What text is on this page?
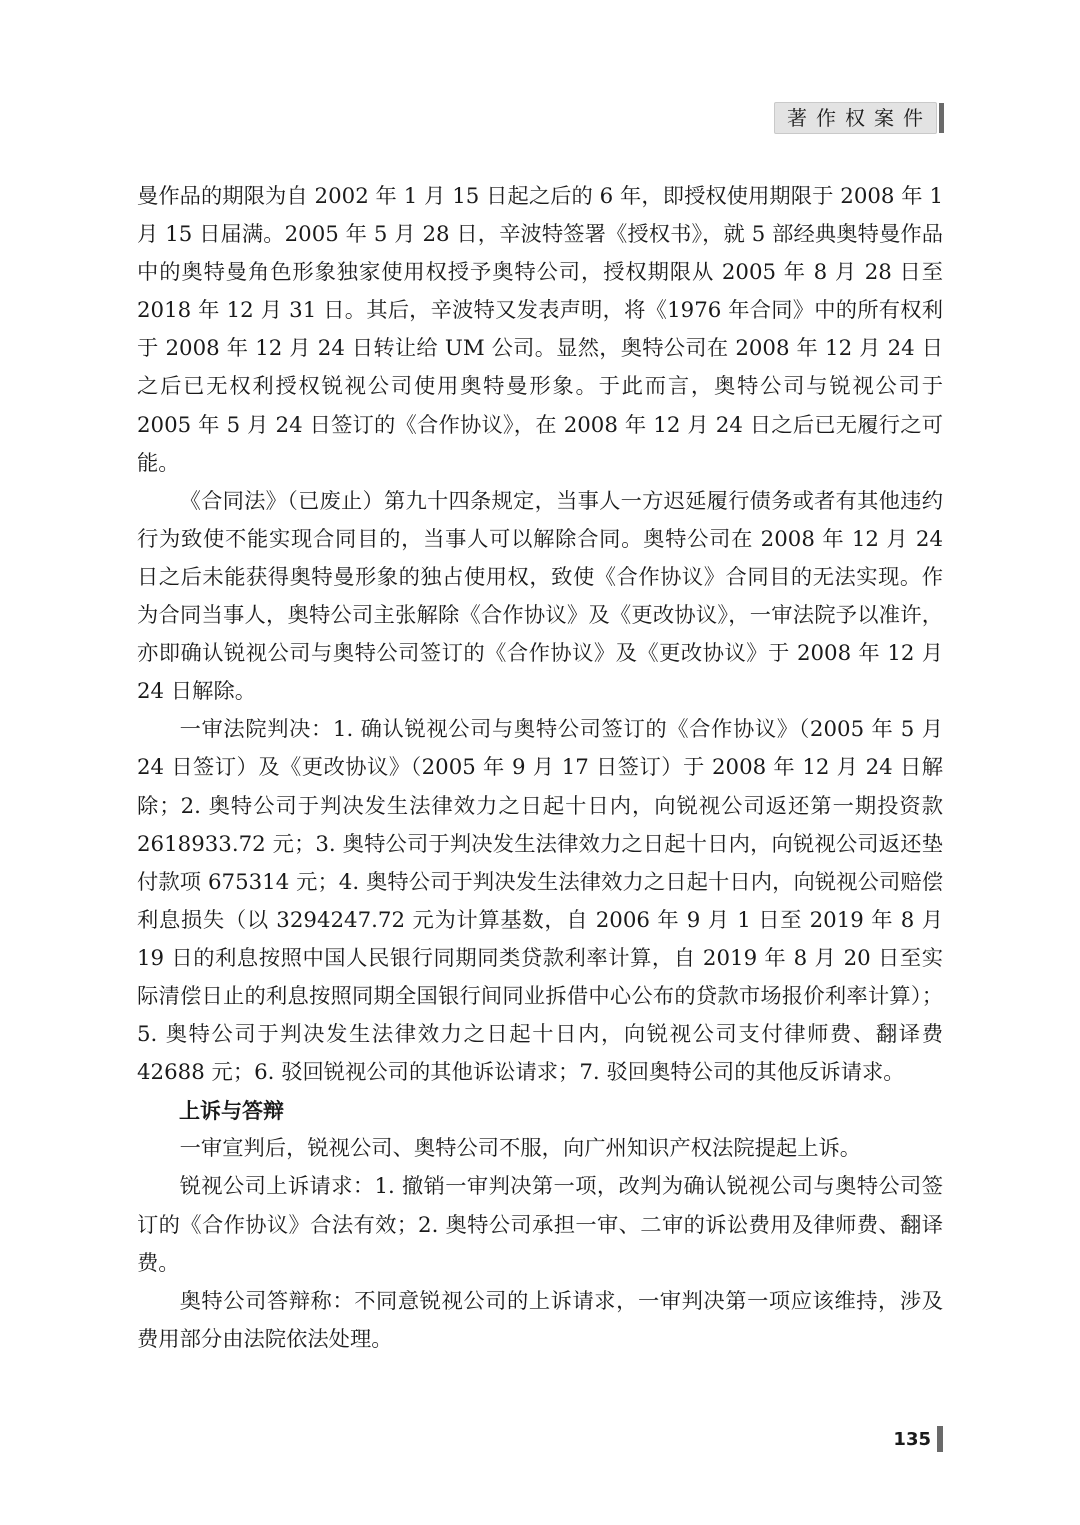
著作权案件

曼作品的期限为自 2002 年 1 月 15 日起之后的 6 年，即授权使用期限于 2008 年 1 月 15 日届满。2005 年 5 月 28 日，辛波特签署《授权书》，就 5 部经典奥特曼作品中的奥特曼角色形象独家使用权授予奥特公司，授权期限从 2005 年 8 月 28 日至 2018 年 12 月 31 日。其后，辛波特又发表声明，将《1976 年合同》中的所有权利于 2008 年 12 月 24 日转让给 UM 公司。显然，奥特公司在 2008 年 12 月 24 日之后已无权利授权锐视公司使用奥特曼形象。于此而言，奥特公司与锐视公司于 2005 年 5 月 24 日签订的《合作协议》，在 2008 年 12 月 24 日之后已无履行之可能。

《合同法》（已废止）第九十四条规定，当事人一方迟延履行债务或者有其他违约行为致使不能实现合同目的，当事人可以解除合同。奥特公司在 2008 年 12 月 24 日之后未能获得奥特曼形象的独占使用权，致使《合作协议》合同目的无法实现。作为合同当事人，奥特公司主张解除《合作协议》及《更改协议》，一审法院予以准许，亦即确认锐视公司与奥特公司签订的《合作协议》及《更改协议》于 2008 年 12 月 24 日解除。

一审法院判决：1. 确认锐视公司与奥特公司签订的《合作协议》（2005 年 5 月 24 日签订）及《更改协议》（2005 年 9 月 17 日签订）于 2008 年 12 月 24 日解除；2. 奥特公司于判决发生法律效力之日起十日内，向锐视公司返还第一期投资款 2618933.72 元；3. 奥特公司于判决发生法律效力之日起十日内，向锐视公司返还垫付款项 675314 元；4. 奥特公司于判决发生法律效力之日起十日内，向锐视公司赔偿利息损失（以 3294247.72 元为计算基数，自 2006 年 9 月 1 日至 2019 年 8 月 19 日的利息按照中国人民银行同期同类贷款利率计算，自 2019 年 8 月 20 日至实际清偿日止的利息按照同期全国银行间同业拆借中心公布的贷款市场报价利率计算）；5. 奥特公司于判决发生法律效力之日起十日内，向锐视公司支付律师费、翻译费 42688 元；6. 驳回锐视公司的其他诉讼请求；7. 驳回奥特公司的其他反诉请求。

上诉与答辩

一审宣判后，锐视公司、奥特公司不服，向广州知识产权法院提起上诉。

锐视公司上诉请求：1. 撤销一审判决第一项，改判为确认锐视公司与奥特公司签订的《合作协议》合法有效；2. 奥特公司承担一审、二审的诉讼费用及律师费、翻译费。

奥特公司答辩称：不同意锐视公司的上诉请求，一审判决第一项应该维持，涉及费用部分由法院依法处理。

135
